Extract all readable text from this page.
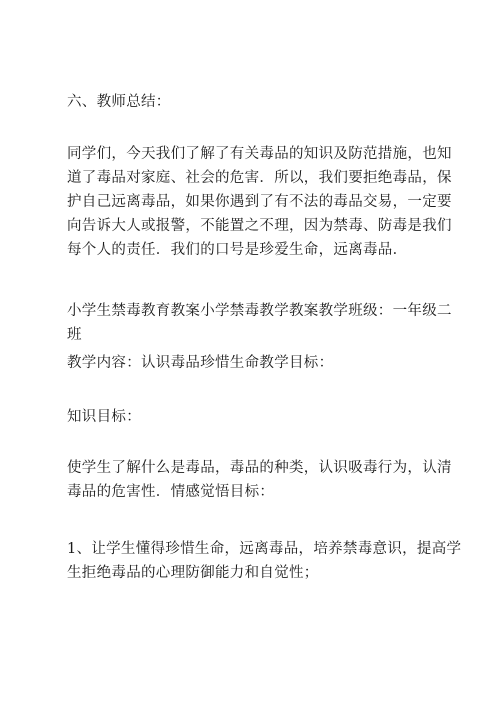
六、教师总结：

同学们，今天我们了解了有关毒品的知识及防范措施，也知道了毒品对家庭、社会的危害．所以，我们要拒绝毒品，保护自己远离毒品，如果你遇到了有不法的毒品交易，一定要向告诉大人或报警，不能置之不理，因为禁毒、防毒是我们每个人的责任．我们的口号是珍爱生命，远离毒品．

小学生禁毒教育教案小学禁毒教学教案教学班级：一年级二班

教学内容：认识毒品珍惜生命教学目标：

知识目标：

使学生了解什么是毒品，毒品的种类，认识吸毒行为，认清毒品的危害性．情感觉悟目标：

1、让学生懂得珍惜生命，远离毒品，培养禁毒意识，提高学生拒绝毒品的心理防御能力和自觉性；
